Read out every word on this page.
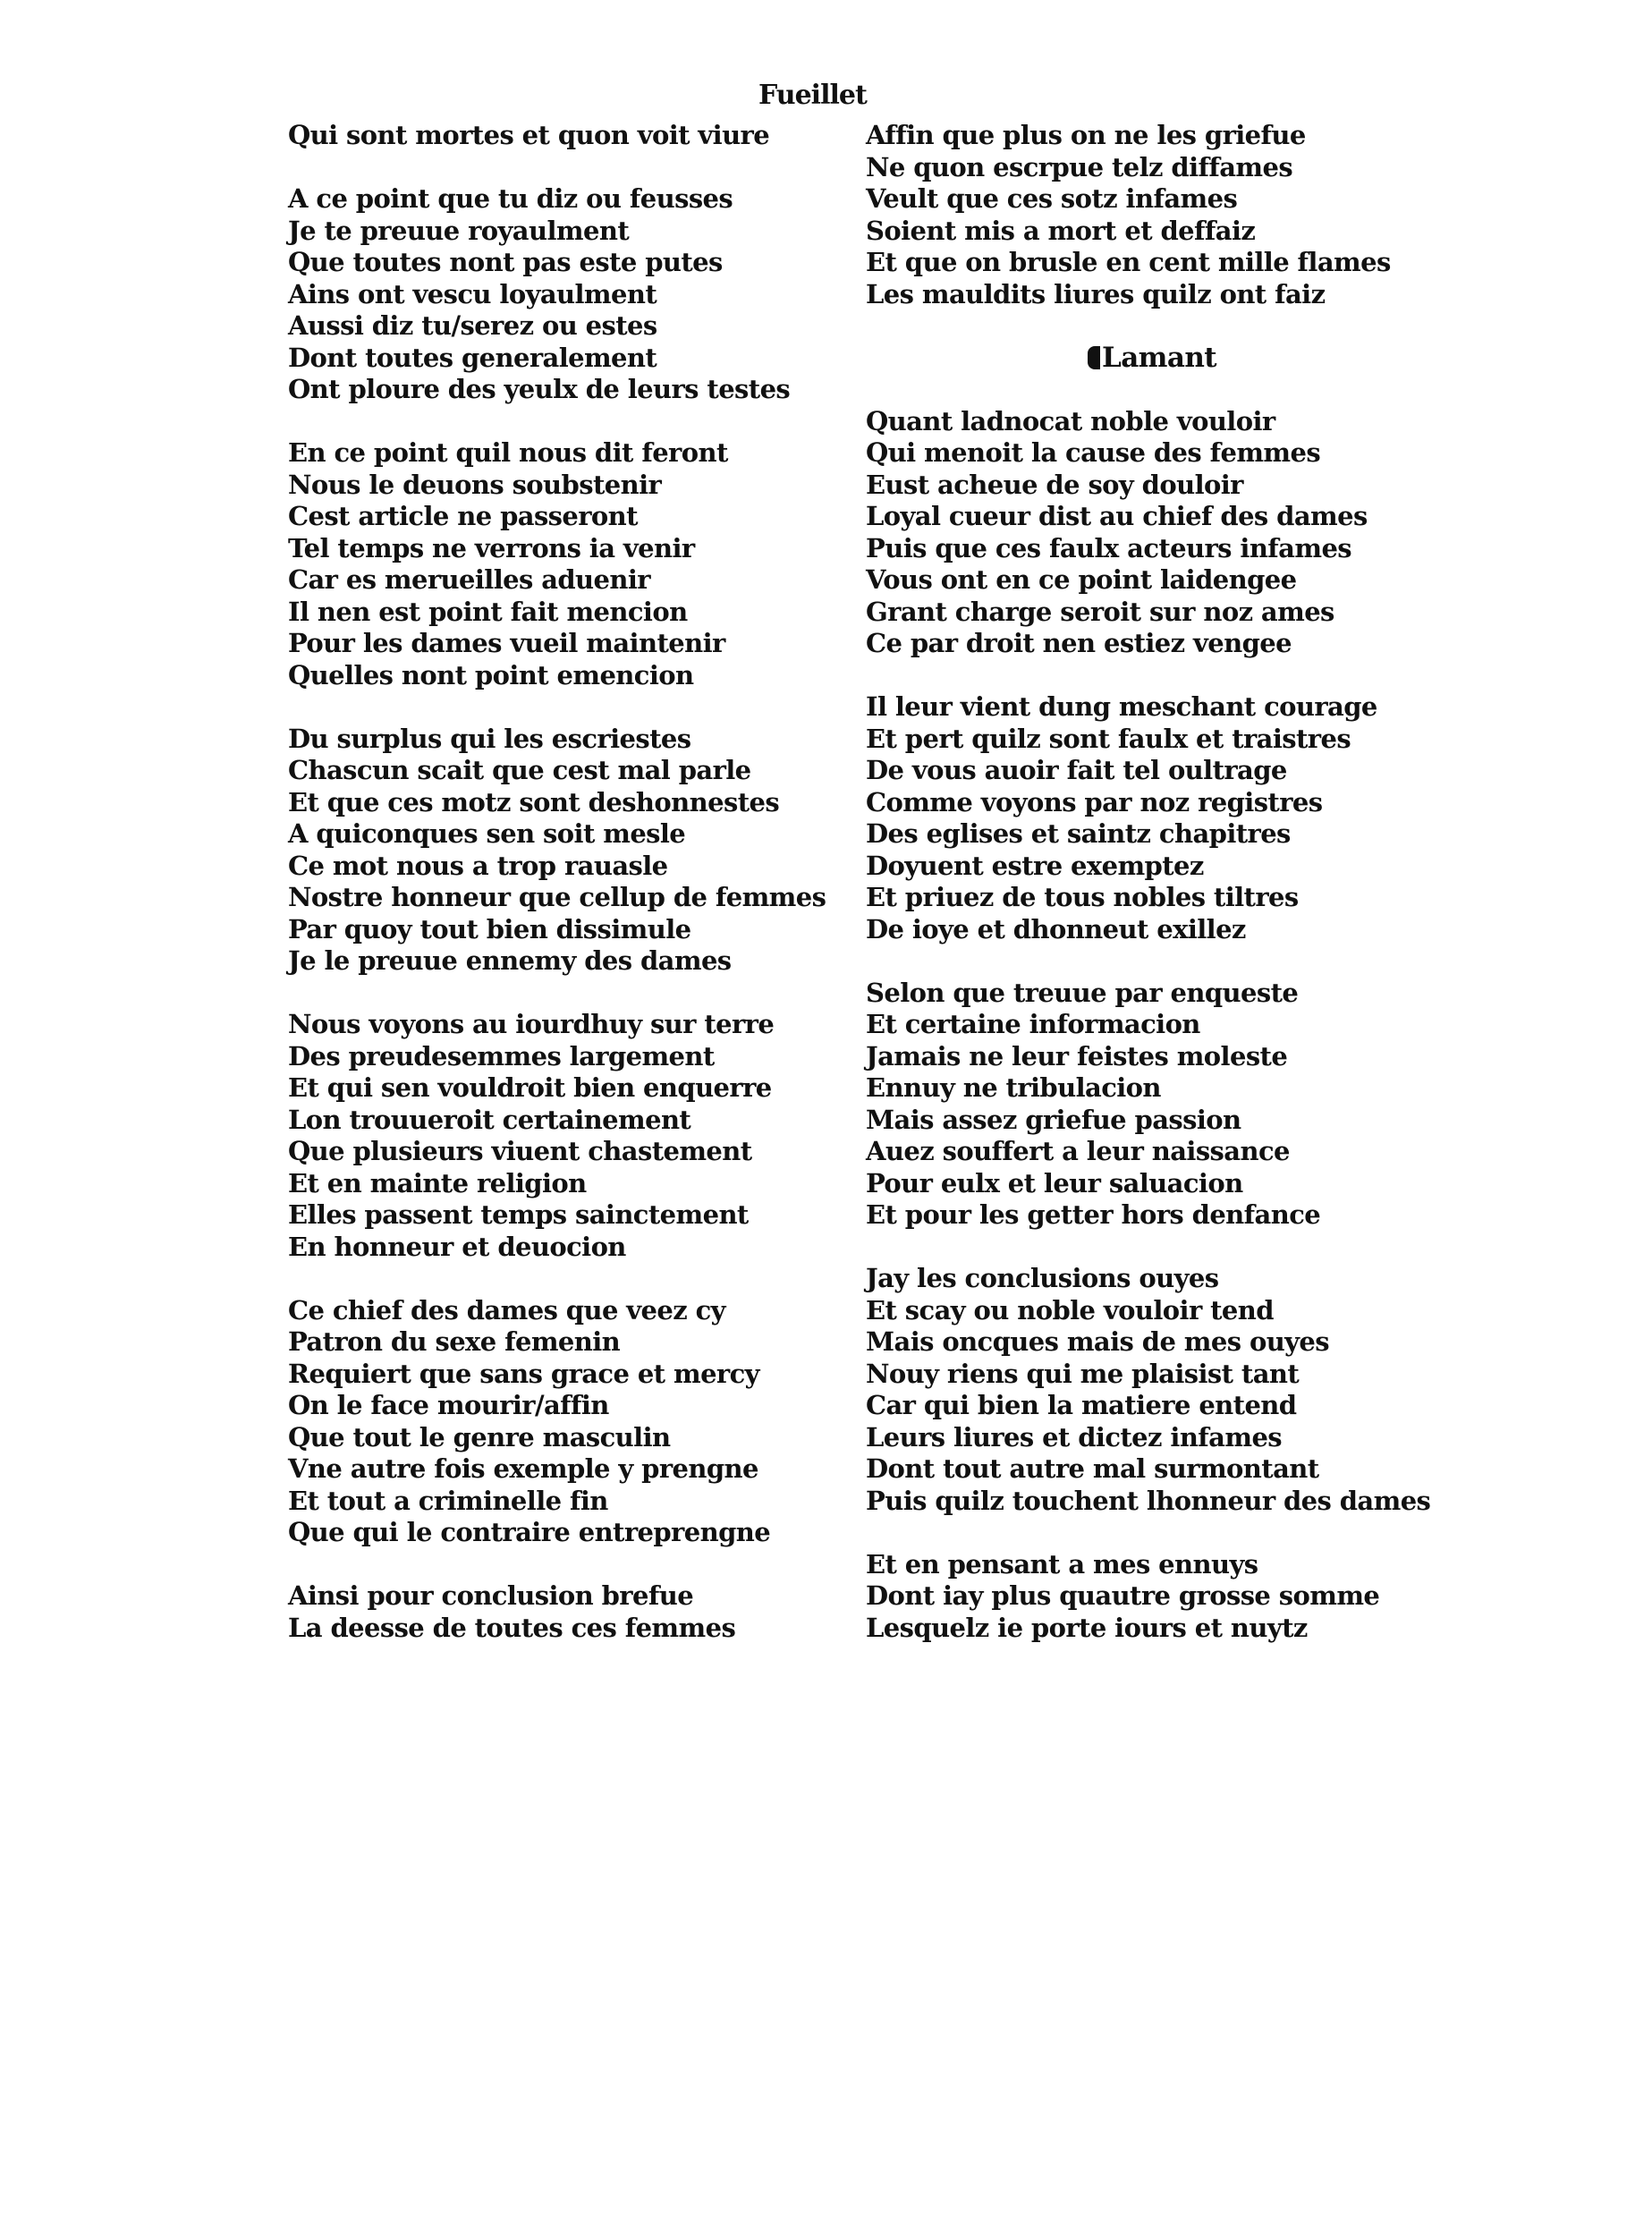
Fueillet
Qui sont mortes et quon voit viure
A ce point que tu diz ou feusses
Je te preuue royaulment
Que toutes nont pas este putes
Ains ont vescu loyaulment
Aussi diz tu/serez ou estes
Dont toutes generalement
Ont ploure des yeulx de leurs testes
En ce point quil nous dit feront
Nous le deuons soubstenir
Cest article ne passeront
Tel temps ne verrons ia venir
Car es merueilles aduenir
Il nen est point fait mencion
Pour les dames vueil maintenir
Quelles nont point emencion
Du surplus qui les escriestes
Chascun scait que cest mal parle
Et que ces motz sont deshonnestes
A quiconques sen soit mesle
Ce mot nous a trop rauasle
Nostre honneur que cellup de femmes
Par quoy tout bien dissimule
Je le preuue ennemy des dames
Nous voyons au iourdhuy sur terre
Des preudesemmes largement
Et qui sen vouldroit bien enquerre
Lon trouueroit certainement
Que plusieurs viuent chastement
Et en mainte religion
Elles passent temps sainctement
En honneur et deuocion
Ce chief des dames que veez cy
Patron du sexe femenin
Requiert que sans grace et mercy
On le face mourir/affin
Que tout le genre masculin
Vne autre fois exemple y prengne
Et tout a criminelle fin
Que qui le contraire entreprengne
Ainsi pour conclusion brefue
La deesse de toutes ces femmes
Affin que plus on ne les griefue
Ne quon escrpue telz diffames
Veult que ces sotz infames
Soient mis a mort et deffaiz
Et que on brusle en cent mille flames
Les mauldits liures quilz ont faiz
Lamant
Quant ladnocat noble vouloir
Qui menoit la cause des femmes
Eust acheue de soy douloir
Loyal cueur dist au chief des dames
Puis que ces faulx acteurs infames
Vous ont en ce point laidengee
Grant charge seroit sur noz ames
Ce par droit nen estiez vengee
Il leur vient dung meschant courage
Et pert quilz sont faulx et traistres
De vous auoir fait tel oultrage
Comme voyons par noz registres
Des eglises et saintz chapitres
Doyuent estre exemptez
Et priuez de tous nobles tiltres
De ioye et dhonneut exillez
Selon que treuue par enqueste
Et certaine informacion
Jamais ne leur feistes moleste
Ennuy ne tribulacion
Mais assez griefue passion
Auez souffert a leur naissance
Pour eulx et leur saluacion
Et pour les getter hors denfance
Jay les conclusions ouyes
Et scay ou noble vouloir tend
Mais oncques mais de mes ouyes
Nouy riens qui me plaisist tant
Car qui bien la matiere entend
Leurs liures et dictez infames
Dont tout autre mal surmontant
Puis quilz touchent lhonneur des dames
Et en pensant a mes ennuys
Dont iay plus quautre grosse somme
Lesquelz ie porte iours et nuytz
